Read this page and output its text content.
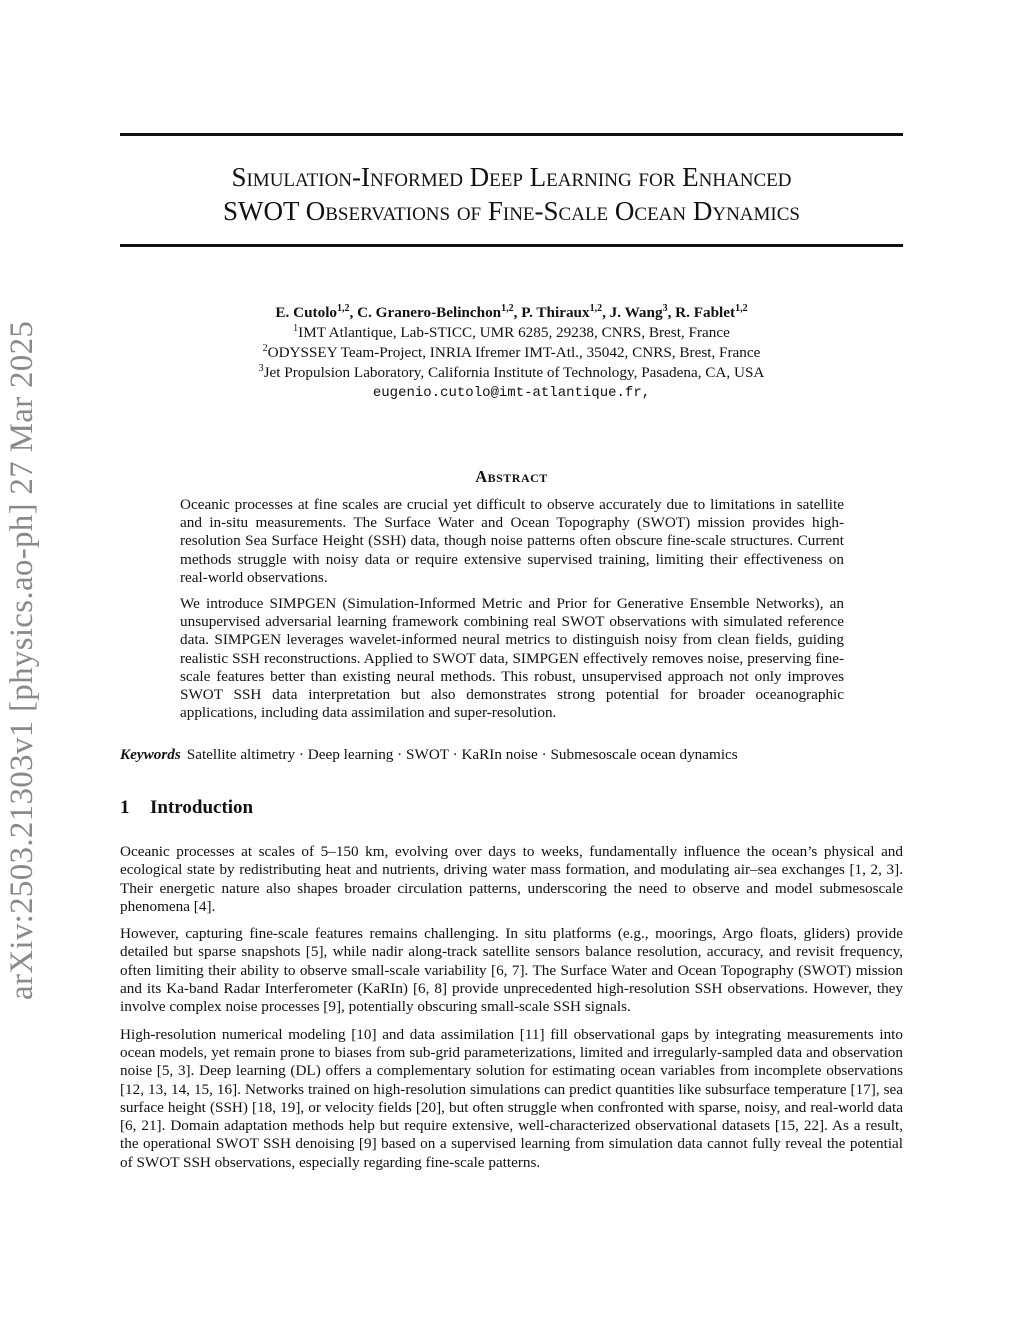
arXiv:2503.21303v1 [physics.ao-ph] 27 Mar 2025
Simulation-Informed Deep Learning for Enhanced
SWOT Observations of Fine-Scale Ocean Dynamics
E. Cutolo$^{1,2}$, C. Granero-Belinchon$^{1,2}$, P. Thiraux$^{1,2}$, J. Wang$^3$, R. Fablet$^{1,2}$
$^1$IMT Atlantique, Lab-STICC, UMR 6285, 29238, CNRS, Brest, France
$^2$ODYSSEY Team-Project, INRIA Ifremer IMT-Atl., 35042, CNRS, Brest, France
$^3$Jet Propulsion Laboratory, California Institute of Technology, Pasadena, CA, USA
eugenio.cutolo@imt-atlantique.fr,
Abstract

Oceanic processes at fine scales are crucial yet difficult to observe accurately due to limitations in satellite and in-situ measurements. The Surface Water and Ocean Topography (SWOT) mission provides high-resolution Sea Surface Height (SSH) data, though noise patterns often obscure fine-scale structures. Current methods struggle with noisy data or require extensive supervised training, limiting their effectiveness on real-world observations.

We introduce SIMPGEN (Simulation-Informed Metric and Prior for Generative Ensemble Networks), an unsupervised adversarial learning framework combining real SWOT observations with simulated reference data. SIMPGEN leverages wavelet-informed neural metrics to distinguish noisy from clean fields, guiding realistic SSH reconstructions. Applied to SWOT data, SIMPGEN effectively removes noise, preserving fine-scale features better than existing neural methods. This robust, unsupervised approach not only improves SWOT SSH data interpretation but also demonstrates strong potential for broader oceanographic applications, including data assimilation and super-resolution.

Keywords Satellite altimetry · Deep learning · SWOT · KaRIn noise · Submesoscale ocean dynamics
1 Introduction

Oceanic processes at scales of 5–150 km, evolving over days to weeks, fundamentally influence the ocean’s physical and ecological state by redistributing heat and nutrients, driving water mass formation, and modulating air–sea exchanges [1, 2, 3]. Their energetic nature also shapes broader circulation patterns, underscoring the need to observe and model submesoscale phenomena [4].

However, capturing fine-scale features remains challenging. In situ platforms (e.g., moorings, Argo floats, gliders) provide detailed but sparse snapshots [5], while nadir along-track satellite sensors balance resolution, accuracy, and revisit frequency, often limiting their ability to observe small-scale variability [6, 7]. The Surface Water and Ocean Topography (SWOT) mission and its Ka-band Radar Interferometer (KaRIn) [6, 8] provide unprecedented high-resolution SSH observations. However, they involve complex noise processes [9], potentially obscuring small-scale SSH signals.

High-resolution numerical modeling [10] and data assimilation [11] fill observational gaps by integrating measurements into ocean models, yet remain prone to biases from sub-grid parameterizations, limited and irregularly-sampled data and observation noise [5, 3]. Deep learning (DL) offers a complementary solution for estimating ocean variables from incomplete observations [12, 13, 14, 15, 16]. Networks trained on high-resolution simulations can predict quantities like subsurface temperature [17], sea surface height (SSH) [18, 19], or velocity fields [20], but often struggle when confronted with sparse, noisy, and real-world data [6, 21]. Domain adaptation methods help but require extensive, well-characterized observational datasets [15, 22]. As a result, the operational SWOT SSH denoising [9] based on a supervised learning from simulation data cannot fully reveal the potential of SWOT SSH observations, especially regarding fine-scale patterns.
